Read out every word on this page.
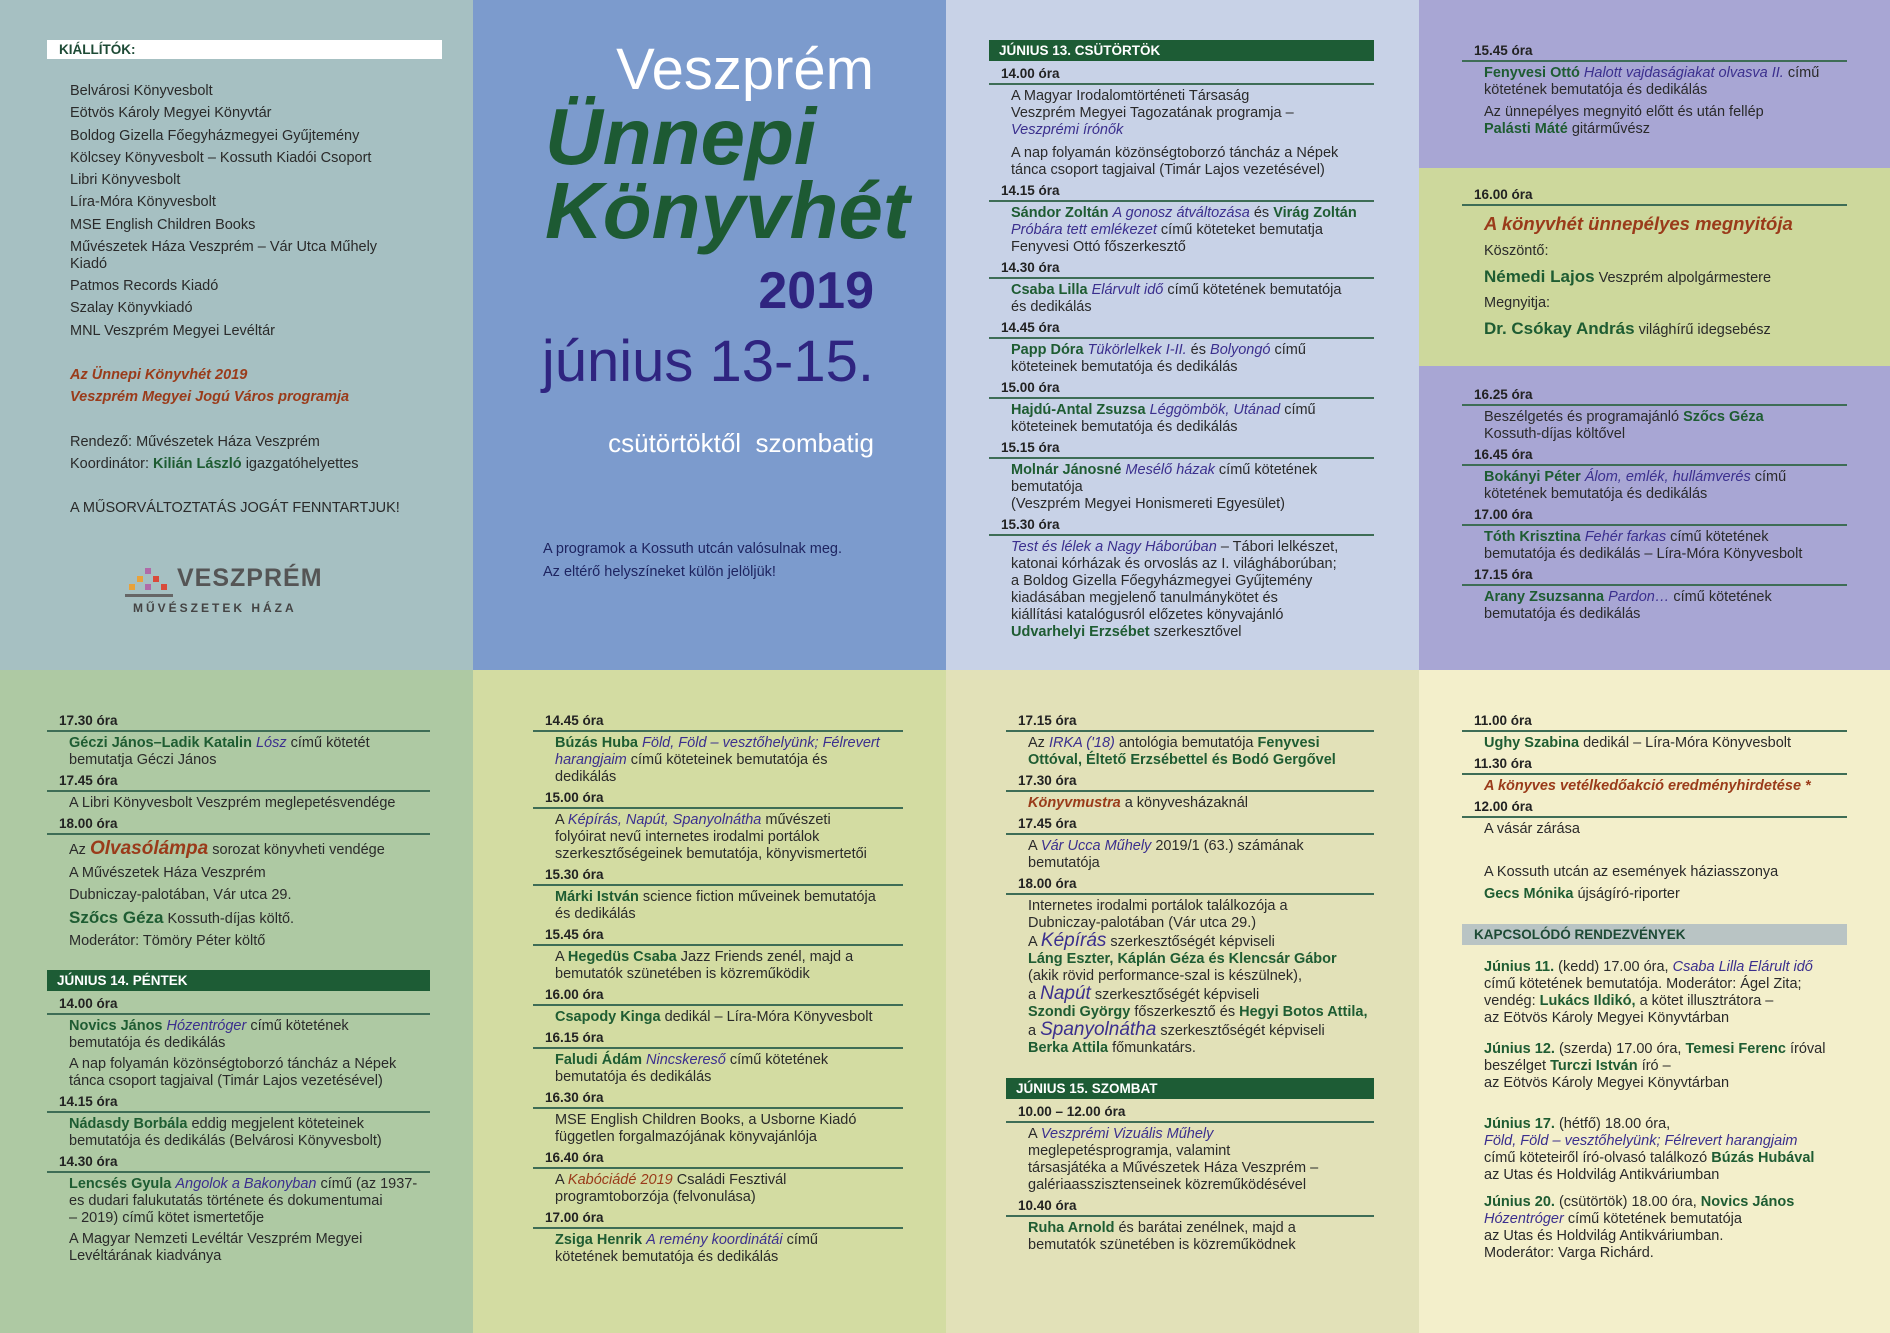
KIÁLLÍTÓK:
Belvárosi Könyvesbolt
Eötvös Károly Megyei Könyvtár
Boldog Gizella Főegyházmegyei Gyűjtemény
Kölcsey Könyvesbolt – Kossuth Kiadói Csoport
Libri Könyvesbolt
Líra-Móra Könyvesbolt
MSE English Children Books
Művészetek Háza Veszprém – Vár Utca Műhely Kiadó
Patmos Records Kiadó
Szalay Könyvkiadó
MNL Veszprém Megyei Levéltár
Az Ünnepi Könyvhét 2019
Veszprém Megyei Jogú Város programja
Rendező: Művészetek Háza Veszprém
Koordinátor: Kilián László igazgatóhelyettes
A MŰSORVÁLTOZTATÁS JOGÁT FENNTARTJUK!
VESZPRÉM
MŰVÉSZETEK HÁZA
Veszprém
Ünnepi
Könyvhét
2019
június 13-15.
csütörtöktől  szombatig
A programok a Kossuth utcán valósulnak meg.
Az eltérő helyszíneket külön jelöljük!
JÚNIUS 13. CSÜTÖRTÖK
14.00 óra
A Magyar Irodalomtörténeti Társaság
Veszprém Megyei Tagozatának programja –
Veszprémi írónők
A nap folyamán közönségtoborzó táncház a Népek
tánca csoport tagjaival (Timár Lajos vezetésével)
14.15 óra
Sándor Zoltán A gonosz átváltozása és Virág Zoltán
Próbára tett emlékezet című köteteket bemutatja
Fenyvesi Ottó főszerkesztő
14.30 óra
Csaba Lilla Elárvult idő című kötetének bemutatója
és dedikálás
14.45 óra
Papp Dóra Tükörlelkek I-II. és Bolyongó című
köteteinek bemutatója és dedikálás
15.00 óra
Hajdú-Antal Zsuzsa Léggömbök, Utánad című
köteteinek bemutatója és dedikálás
15.15 óra
Molnár Jánosné Mesélő házak című kötetének
bemutatója
(Veszprém Megyei Honismereti Egyesület)
15.30 óra
Test és lélek a Nagy Háborúban – Tábori lelkészet,
katonai kórházak és orvoslás az I. világháborúban;
a Boldog Gizella Főegyházmegyei Gyűjtemény
kiadásában megjelenő tanulmánykötet és
kiállítási katalógusról előzetes könyvajánló
Udvarhelyi Erzsébet szerkesztővel
15.45 óra
Fenyvesi Ottó Halott vajdaságiakat olvasva II. című
kötetének bemutatója és dedikálás
Az ünnepélyes megnyitó előtt és után fellép
Palásti Máté gitárművész
16.00 óra
A könyvhét ünnepélyes megnyitója
Köszöntő:
Némedi Lajos Veszprém alpolgármestere
Megnyitja:
Dr. Csókay András világhírű idegsebész
16.25 óra
Beszélgetés és programajánló Szőcs Géza
Kossuth-díjas költővel
16.45 óra
Bokányi Péter Álom, emlék, hullámverés című
kötetének bemutatója és dedikálás
17.00 óra
Tóth Krisztina Fehér farkas című kötetének
bemutatója és dedikálás – Líra-Móra Könyvesbolt
17.15 óra
Arany Zsuzsanna Pardon… című kötetének
bemutatója és dedikálás
17.30 óra
Géczi János–Ladik Katalin Lósz című kötetét
bemutatja Géczi János
17.45 óra
A Libri Könyvesbolt Veszprém meglepetésvendége
18.00 óra
Az Olvasólámpa sorozat könyvheti vendége
A Művészetek Háza Veszprém
Dubniczay-palotában, Vár utca 29.
Szőcs Géza Kossuth-díjas költő.
Moderátor: Tömöry Péter költő
JÚNIUS 14. PÉNTEK
14.00 óra
Novics János Hózentróger című kötetének
bemutatója és dedikálás
A nap folyamán közönségtoborzó táncház a Népek
tánca csoport tagjaival (Timár Lajos vezetésével)
14.15 óra
Nádasdy Borbála eddig megjelent köteteinek
bemutatója és dedikálás (Belvárosi Könyvesbolt)
14.30 óra
Lencsés Gyula Angolok a Bakonyban című (az 1937-
es dudari falukutatás története és dokumentumai
– 2019) című kötet ismertetője
A Magyar Nemzeti Levéltár Veszprém Megyei
Levéltárának kiadványa
14.45 óra
Búzás Huba Föld, Föld – vesztőhelyünk; Félrevert
harangjaim című köteteinek bemutatója és
dedikálás
15.00 óra
A Képírás, Napút, Spanyolnátha művészeti
folyóirat nevű internetes irodalmi portálok
szerkesztőségeinek bemutatója, könyvismertetői
15.30 óra
Márki István science fiction műveinek bemutatója
és dedikálás
15.45 óra
A Hegedüs Csaba Jazz Friends zenél, majd a
bemutatók szünetében is közreműködik
16.00 óra
Csapody Kinga dedikál – Líra-Móra Könyvesbolt
16.15 óra
Faludi Ádám Nincskereső című kötetének
bemutatója és dedikálás
16.30 óra
MSE English Children Books, a Usborne Kiadó
független forgalmazójának könyvajánlója
16.40 óra
A Kabóciádé 2019 Családi Fesztivál
programtoborzója (felvonulása)
17.00 óra
Zsiga Henrik A remény koordinátái című
kötetének bemutatója és dedikálás
17.15 óra
Az IRKA ('18) antológia bemutatója Fenyvesi
Ottóval, Éltető Erzsébettel és Bodó Gergővel
17.30 óra
Könyvmustra a könyvesházaknál
17.45 óra
A Vár Ucca Műhely 2019/1 (63.) számának
bemutatója
18.00 óra
Internetes irodalmi portálok találkozója a
Dubniczay-palotában (Vár utca 29.)
A Képírás szerkesztőségét képviseli
Láng Eszter, Káplán Géza és Klencsár Gábor
(akik rövid performance-szal is készülnek),
a Napút szerkesztőségét képviseli
Szondi György főszerkesztő és Hegyi Botos Attila,
a Spanyolnátha szerkesztőségét képviseli
Berka Attila főmunkatárs.
JÚNIUS 15. SZOMBAT
10.00 – 12.00 óra
A Veszprémi Vizuális Műhely
meglepetésprogramja, valamint
társasjátéka a Művészetek Háza Veszprém –
galériaasszisztenseinek közreműködésével
10.40 óra
Ruha Arnold és barátai zenélnek, majd a
bemutatók szünetében is közreműködnek
11.00 óra
Ughy Szabina dedikál – Líra-Móra Könyvesbolt
11.30 óra
A könyves vetélkedőakció eredményhirdetése *
12.00 óra
A vásár zárása
A Kossuth utcán az események háziasszonya
Gecs Mónika újságíró-riporter
KAPCSOLÓDÓ RENDEZVÉNYEK
Június 11. (kedd) 17.00 óra, Csaba Lilla Elárult idő
című kötetének bemutatója. Moderátor: Ágel Zita;
vendég: Lukács Ildikó, a kötet illusztrátora –
az Eötvös Károly Megyei Könyvtárban
Június 12. (szerda) 17.00 óra, Temesi Ferenc íróval
beszélget Turczi István író –
az Eötvös Károly Megyei Könyvtárban
Június 17. (hétfő) 18.00 óra,
Föld, Föld – vesztőhelyünk; Félrevert harangjaim
című köteteiről író-olvasó találkozó Búzás Hubával
az Utas és Holdvilág Antikváriumban
Június 20. (csütörtök) 18.00 óra, Novics János
Hózentróger című kötetének bemutatója
az Utas és Holdvilág Antikváriumban.
Moderátor: Varga Richárd.
